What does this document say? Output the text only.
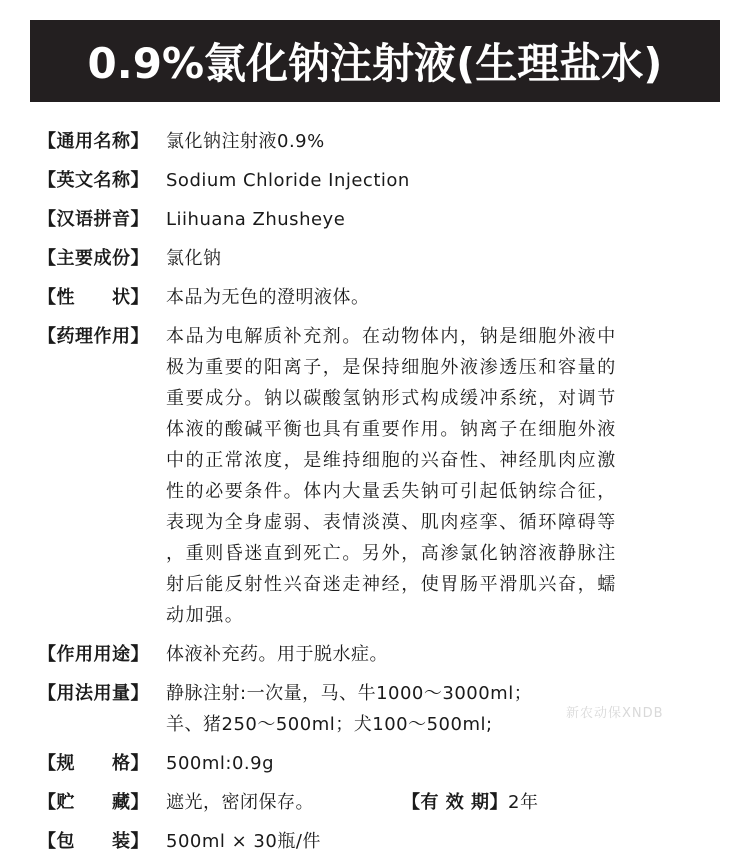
0.9%氯化钠注射液(生理盐水)
【通用名称】 氯化钠注射液0.9%
【英文名称】 Sodium Chloride Injection
【汉语拼音】 Liihuana Zhusheye
【主要成份】 氯化钠
【性　　状】 本品为无色的澄明液体。
【药理作用】 本品为电解质补充剂。在动物体内，钠是细胞外液中
极为重要的阳离子，是保持细胞外液渗透压和容量的
重要成分。钠以碳酸氢钠形式构成缓冲系统，对调节
体液的酸碱平衡也具有重要作用。钠离子在细胞外液
中的正常浓度，是维持细胞的兴奋性、神经肌肉应激
性的必要条件。体内大量丢失钠可引起低钠综合征，
表现为全身虚弱、表情淡漠、肌肉痉挛、循环障碍等
，重则昏迷直到死亡。另外，高渗氯化钠溶液静脉注
射后能反射性兴奋迷走神经，使胃肠平滑肌兴奋，蠕
动加强。
【作用用途】 体液补充药。用于脱水症。
【用法用量】 静脉注射:一次量，马、牛1000～3000ml；
羊、猪250～500ml；犬100～500ml;
【规　　格】 500ml:0.9g
【贮　　藏】 遮光，密闭保存。	【有 效 期】 2年
【包　　装】 500ml × 30瓶/件
新农动保XNDB
